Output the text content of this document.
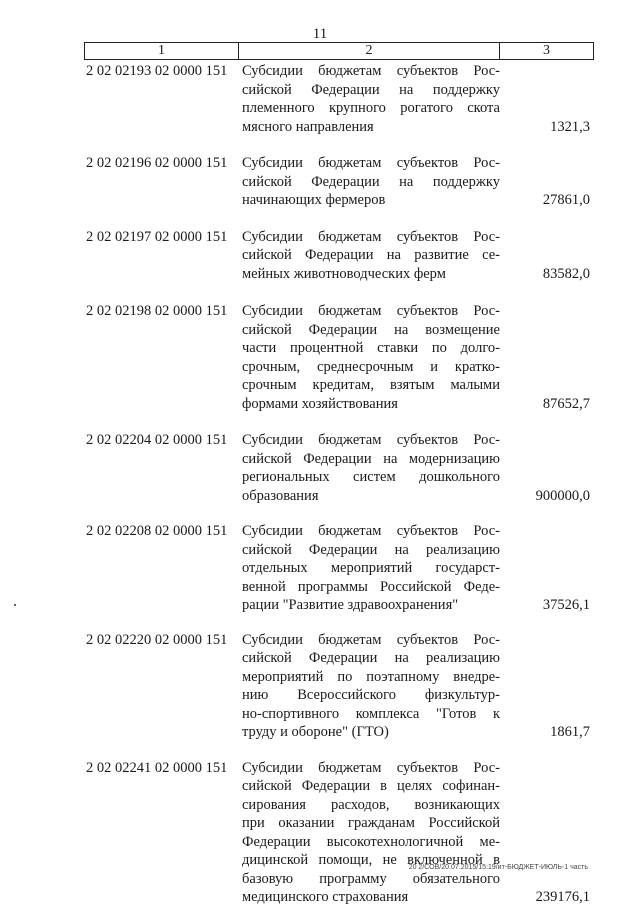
11
1	2	3
2 02 02193 02 0000 151	Субсидии бюджетам субъектов Рос-
сийской Федерации на поддержку
племенного крупного рогатого скота
мясного направления	1321,3
2 02 02196 02 0000 151	Субсидии бюджетам субъектов Рос-
сийской Федерации на поддержку
начинающих фермеров	27861,0
2 02 02197 02 0000 151	Субсидии бюджетам субъектов Рос-
сийской Федерации на развитие се-
мейных животноводческих ферм	83582,0
2 02 02198 02 0000 151	Субсидии бюджетам субъектов Рос-
сийской Федерации на возмещение
части процентной ставки по долго-
срочным, среднесрочным и кратко-
срочным кредитам, взятым малыми
формами хозяйствования	87652,7
2 02 02204 02 0000 151	Субсидии бюджетам субъектов Рос-
сийской Федерации на модернизацию
региональных систем дошкольного
образования	900000,0
2 02 02208 02 0000 151	Субсидии бюджетам субъектов Рос-
сийской Федерации на реализацию
отдельных мероприятий государст-
венной программы Российской Феде-
рации "Развитие здравоохранения"	37526,1
2 02 02220 02 0000 151	Субсидии бюджетам субъектов Рос-
сийской Федерации на реализацию
мероприятий по поэтапному внедре-
нию Всероссийского физкультур-
но-спортивного комплекса "Готов к
труду и обороне" (ГТО)	1861,7
2 02 02241 02 0000 151	Субсидии бюджетам субъектов Рос-
сийской Федерации в целях софинан-
сирования расходов, возникающих
при оказании гражданам Российской
Федерации высокотехнологичной ме-
дицинской помощи, не включенной в
базовую программу обязательного
медицинского страхования	239176,1
20 2/СОВ/20.07.2015/15:19/ит-БЮДЖЕТ-ИЮЛЬ-1 часть
